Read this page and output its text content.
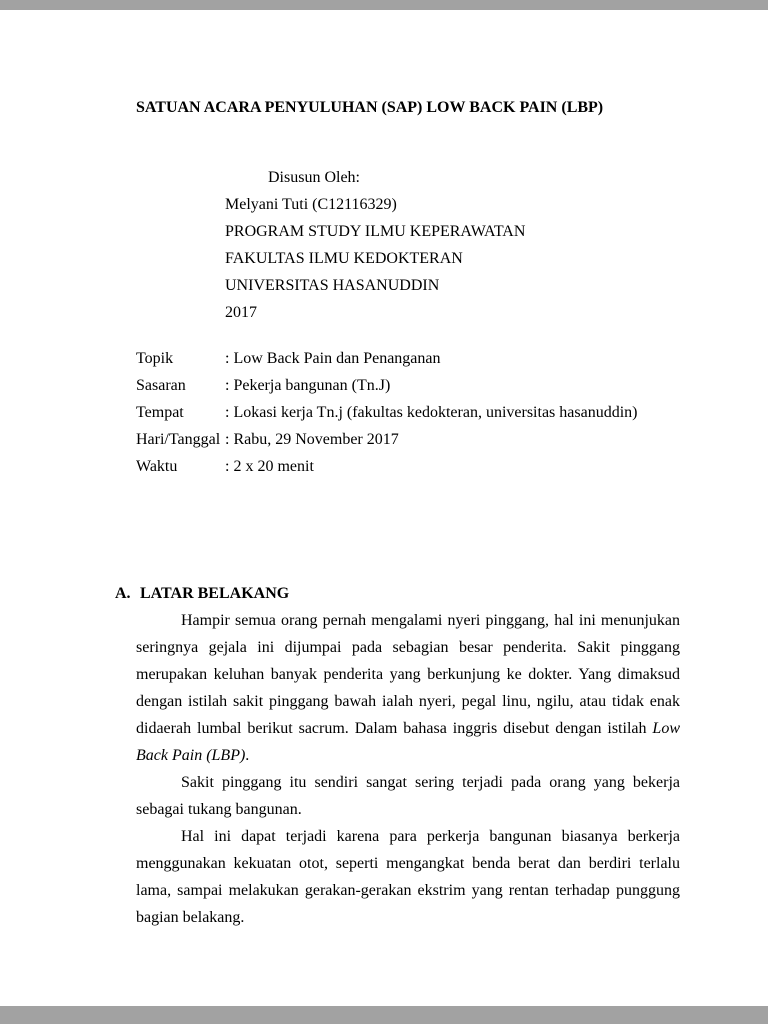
SATUAN ACARA PENYULUHAN (SAP) LOW BACK PAIN (LBP)
Disusun Oleh:
Melyani Tuti (C12116329)
PROGRAM STUDY ILMU KEPERAWATAN
FAKULTAS ILMU KEDOKTERAN
UNIVERSITAS HASANUDDIN
2017
Topik	: Low Back Pain dan Penanganan
Sasaran	: Pekerja bangunan (Tn.J)
Tempat	: Lokasi kerja Tn.j (fakultas kedokteran, universitas hasanuddin)
Hari/Tanggal : Rabu, 29 November 2017
Waktu	: 2 x 20 menit
A. LATAR BELAKANG

Hampir semua orang pernah mengalami nyeri pinggang, hal ini menunjukan seringnya gejala ini dijumpai pada sebagian besar penderita. Sakit pinggang merupakan keluhan banyak penderita yang berkunjung ke dokter. Yang dimaksud dengan istilah sakit pinggang bawah ialah nyeri, pegal linu, ngilu, atau tidak enak didaerah lumbal berikut sacrum. Dalam bahasa inggris disebut dengan istilah Low Back Pain (LBP).

Sakit pinggang itu sendiri sangat sering terjadi pada orang yang bekerja sebagai tukang bangunan.

Hal ini dapat terjadi karena para perkerja bangunan biasanya berkerja menggunakan kekuatan otot, seperti mengangkat benda berat dan berdiri terlalu lama, sampai melakukan gerakan-gerakan ekstrim yang rentan terhadap punggung bagian belakang.
